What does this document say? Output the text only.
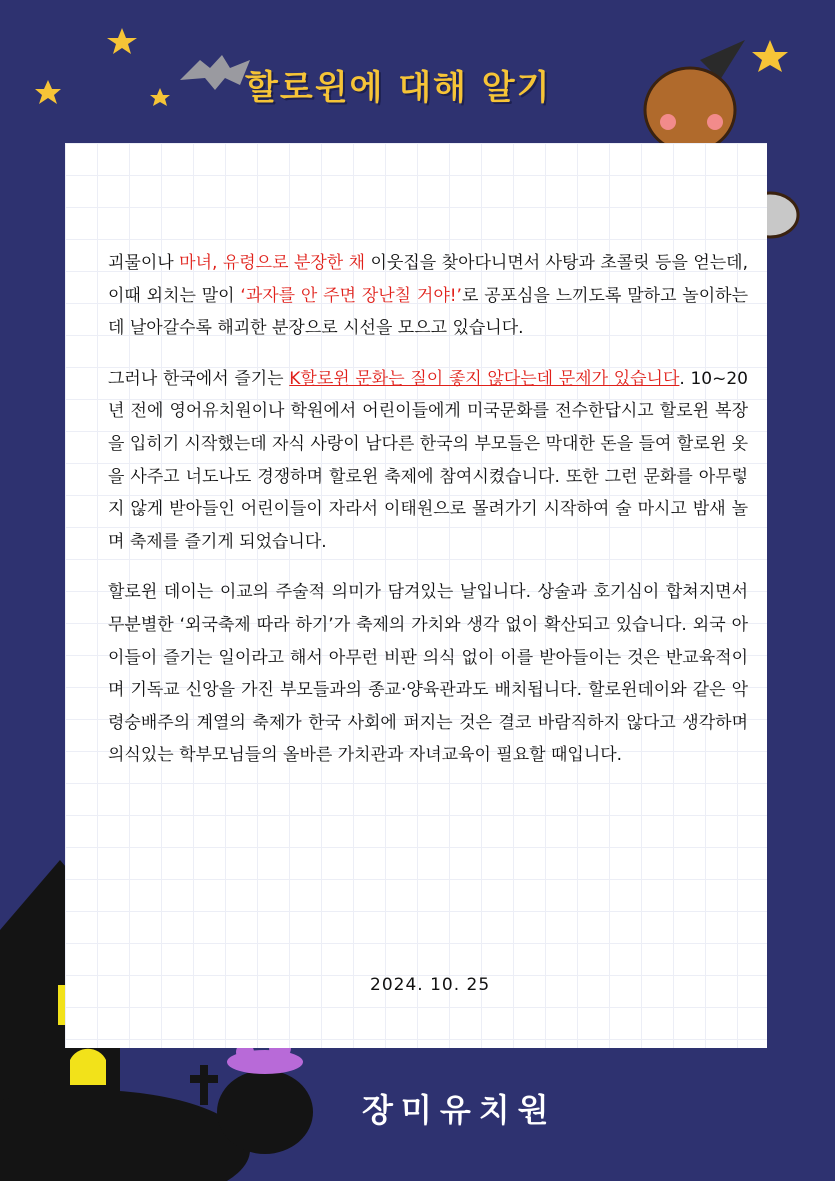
할로윈에 대해 알기

괴물이나 마녀, 유령으로 분장한 채 이웃집을 찾아다니면서 사탕과 초콜릿 등을 얻는데, 이때 외치는 말이 ‘과자를 안 주면 장난칠 거야!’로 공포심을 느끼도록 말하고 놀이하는데 날아갈수록 해괴한 분장으로 시선을 모으고 있습니다.

그러나 한국에서 즐기는 K할로윈 문화는 질이 좋지 않다는데 문제가 있습니다. 10~20년 전에 영어유치원이나 학원에서 어린이들에게 미국문화를 전수한답시고 할로윈 복장을 입히기 시작했는데 자식 사랑이 남다른 한국의 부모들은 막대한 돈을 들여 할로윈 옷을 사주고 너도나도 경쟁하며 할로윈 축제에 참여시켰습니다. 또한 그런 문화를 아무렇지 않게 받아들인 어린이들이 자라서 이태원으로 몰려가기 시작하여 술 마시고 밤새 놀며 축제를 즐기게 되었습니다.

할로윈 데이는 이교의 주술적 의미가 담겨있는 날입니다. 상술과 호기심이 합쳐지면서 무분별한 ‘외국축제 따라 하기’가 축제의 가치와 생각 없이 확산되고 있습니다. 외국 아이들이 즐기는 일이라고 해서 아무런 비판 의식 없이 이를 받아들이는 것은 반교육적이며 기독교 신앙을 가진 부모들과의 종교·양육관과도 배치됩니다. 할로윈데이와 같은 악령숭배주의 계열의 축제가 한국 사회에 퍼지는 것은 결코 바람직하지 않다고 생각하며 의식있는 학부모님들의 올바른 가치관과 자녀교육이 필요할 때입니다.

2024. 10. 25
장미유치원
